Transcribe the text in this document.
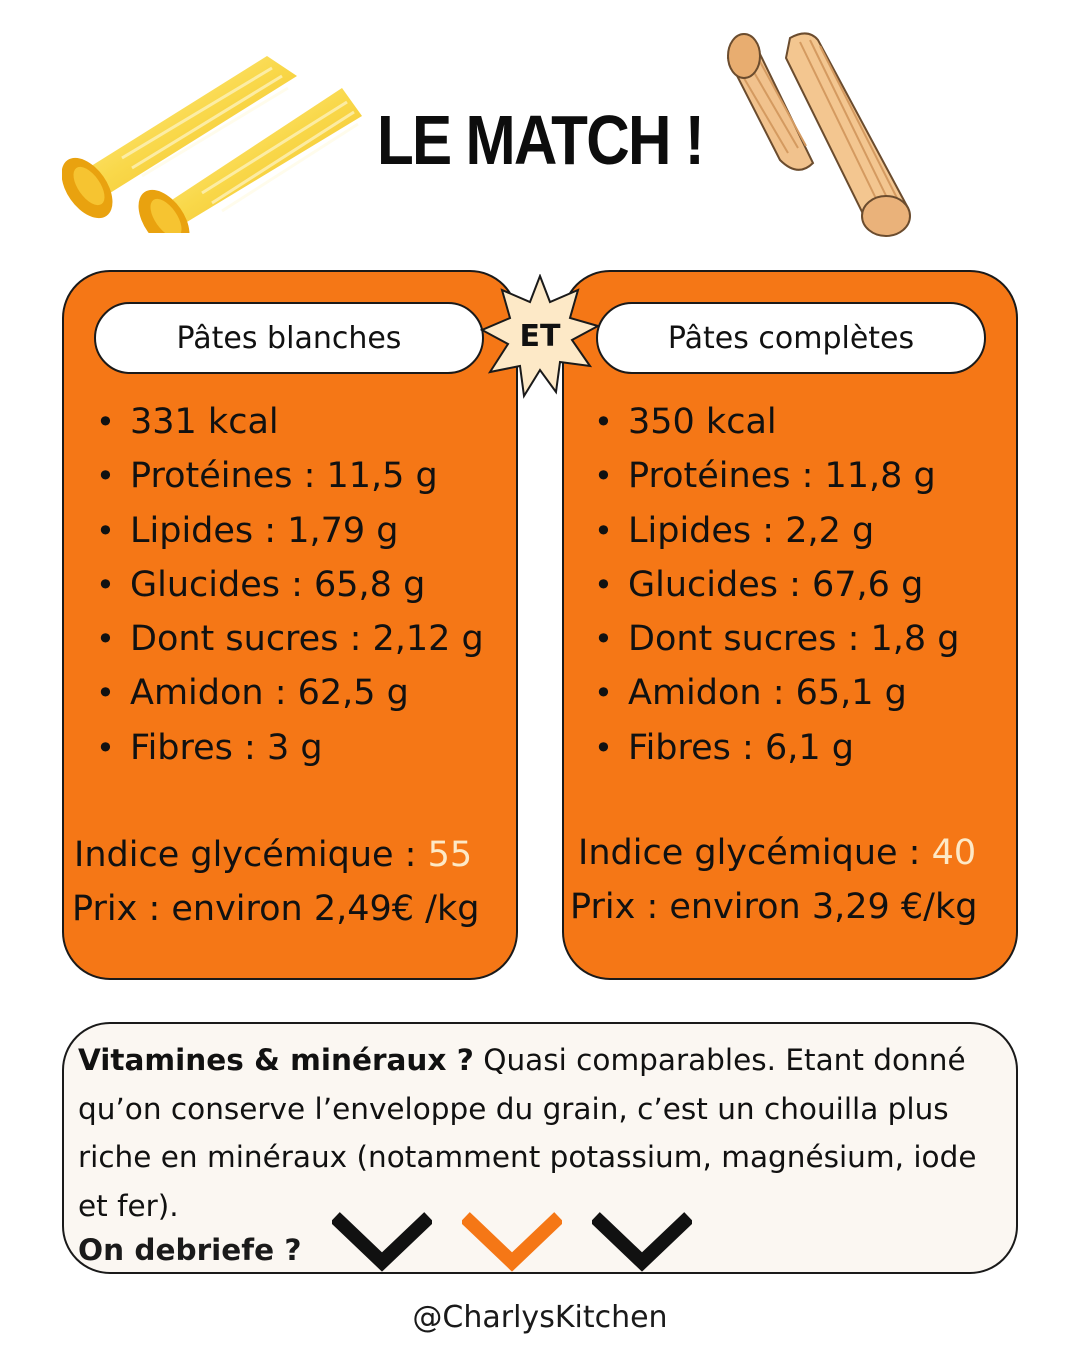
LE MATCH !
Pâtes blanches	Pâtes complètes
ET
• 331 kcal
• Protéines : 11,5 g
• Lipides : 1,79 g
• Glucides : 65,8 g
• Dont sucres : 2,12 g
• Amidon : 62,5 g
• Fibres : 3 g
• 350 kcal
• Protéines : 11,8 g
• Lipides : 2,2 g
• Glucides : 67,6 g
• Dont sucres : 1,8 g
• Amidon : 65,1 g
• Fibres : 6,1 g
Indice glycémique : 55
Prix : environ 2,49€ /kg
Indice glycémique : 40
Prix : environ 3,29 €/kg
Vitamines & minéraux ? Quasi comparables. Etant donné qu’on conserve l’enveloppe du grain, c’est un chouilla plus riche en minéraux (notamment potassium, magnésium, iode et fer).
On debriefe ?
@CharlysKitchen
